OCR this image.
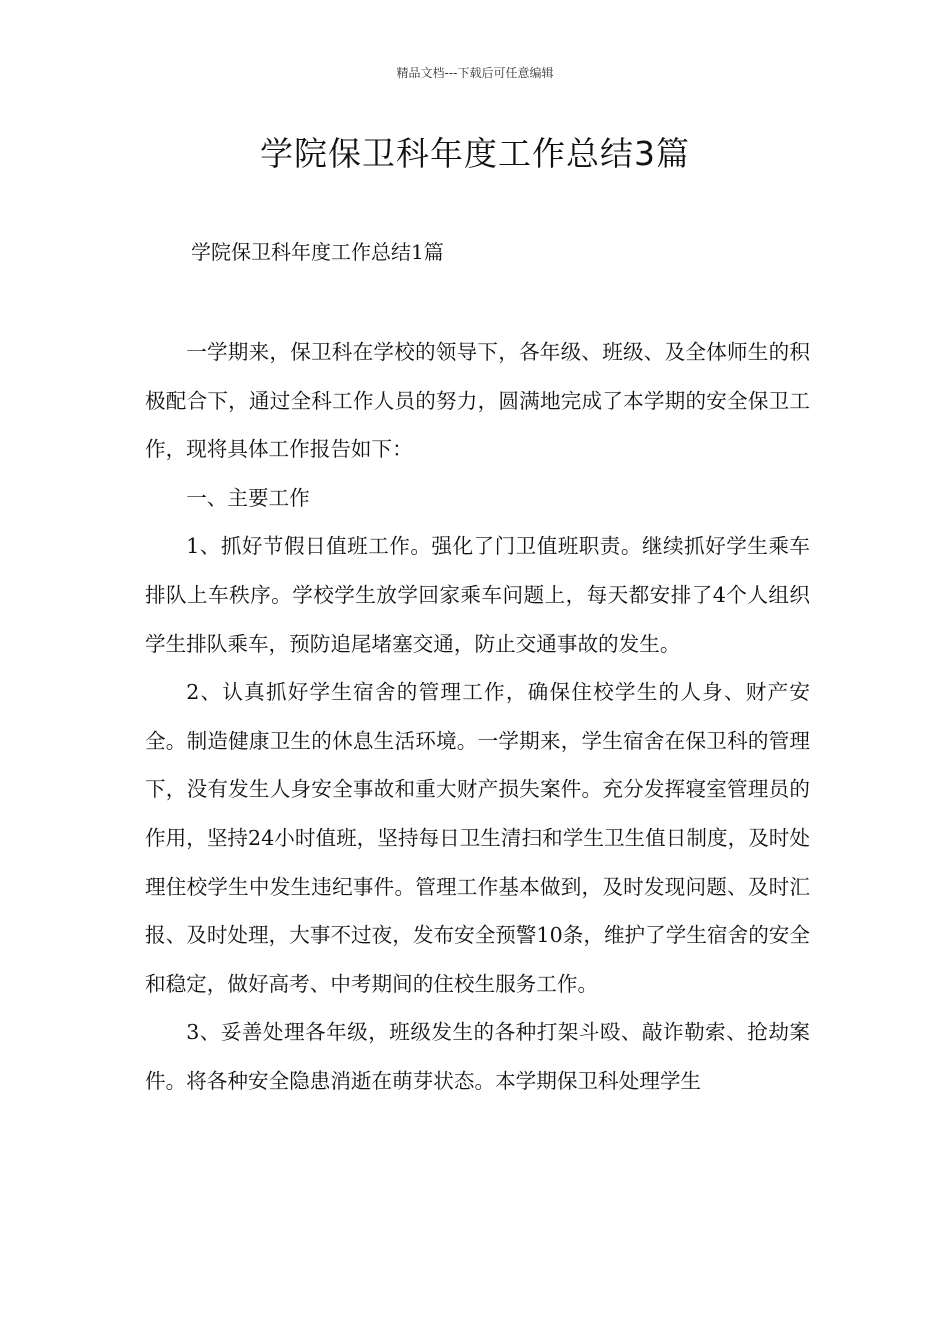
精品文档---下载后可任意编辑
学院保卫科年度工作总结3篇
学院保卫科年度工作总结1篇

一学期来，保卫科在学校的领导下，各年级、班级、及全体师生的积极配合下，通过全科工作人员的努力，圆满地完成了本学期的安全保卫工作，现将具体工作报告如下：

一、主要工作

1、抓好节假日值班工作。强化了门卫值班职责。继续抓好学生乘车排队上车秩序。学校学生放学回家乘车问题上，每天都安排了4个人组织学生排队乘车，预防追尾堵塞交通，防止交通事故的发生。

2、认真抓好学生宿舍的管理工作，确保住校学生的人身、财产安全。制造健康卫生的休息生活环境。一学期来，学生宿舍在保卫科的管理下，没有发生人身安全事故和重大财产损失案件。充分发挥寝室管理员的作用，坚持24小时值班，坚持每日卫生清扫和学生卫生值日制度，及时处理住校学生中发生违纪事件。管理工作基本做到，及时发现问题、及时汇报、及时处理，大事不过夜，发布安全预警10条，维护了学生宿舍的安全和稳定，做好高考、中考期间的住校生服务工作。

3、妥善处理各年级，班级发生的各种打架斗殴、敲诈勒索、抢劫案件。将各种安全隐患消逝在萌芽状态。本学期保卫科处理学生
